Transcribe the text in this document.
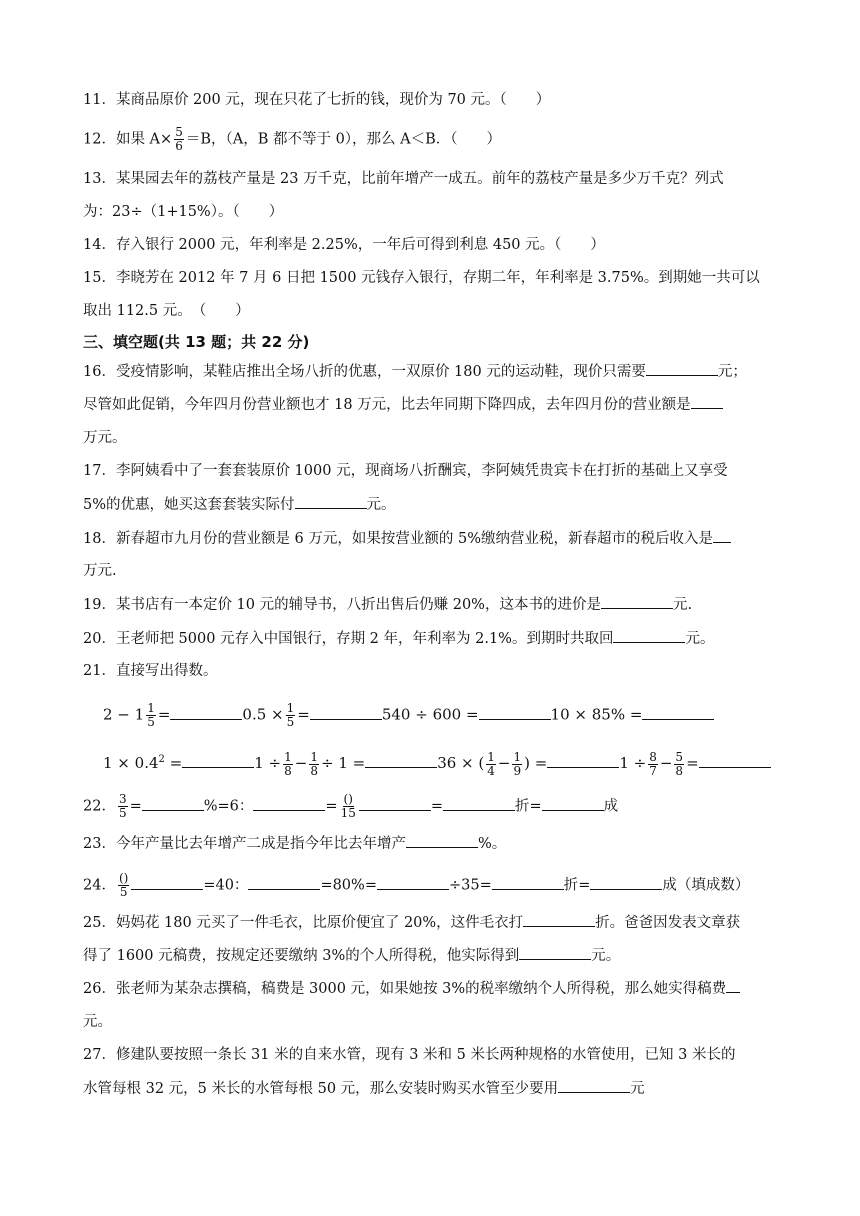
11．某商品原价 200 元，现在只花了七折的钱，现价为 70 元。（　　）
12．如果 $A\times \frac{5}{6} =B$，（A，B 都不等于 0），那么 A＜B．（　　）
13．某果园去年的荔枝产量是 23 万千克，比前年增产一成五。前年的荔枝产量是多少万千克？列式
为：23÷（1+15%）。（　　）
14．存入银行 2000 元，年利率是 2.25%，一年后可得到利息 450 元。（　　）
15．李晓芳在 2012 年 7 月 6 日把 1500 元钱存入银行，存期二年，年利率是 3.75%。到期她一共可以
取出 112.5 元。　（　　）
三、填空题(共 13 题；共 22 分)
16．受疫情影响，某鞋店推出全场八折的优惠，一双原价 180 元的运动鞋，现价只需要	元；
尽管如此促销，今年四月份营业额也才 18 万元，比去年同期下降四成，去年四月份的营业额是
万元。
17．李阿姨看中了一套套装原价 1000 元，现商场八折酬宾，李阿姨凭贵宾卡在打折的基础上又享受
5%的优惠，她买这套套装实际付	元。
18．新春超市九月份的营业额是 6 万元，如果按营业额的 5%缴纳营业税，新春超市的税后收入是
万元.
19．某书店有一本定价 10 元的辅导书，八折出售后仍赚 20%，这本书的进价是	元.
20．王老师把 5000 元存入中国银行，存期 2 年，年利率为 2.1%。到期时共取回	元。
21．直接写出得数。
$2 - 1 \frac{1}{5}$ =	$0.5 \times \frac{1}{5}$ =	540 ÷ 600 =	10 × 85% =
$1 \times 0.4^2$ =	$1 \div \frac{1}{8} - \frac{1}{8} \div 1$ =	36 × ( $\frac{1}{4} - \frac{1}{9}$ ) =	$1 \div \frac{8}{7} - \frac{5}{8}$ =
22． $\frac{3}{5}$ =	%=6：	= $\frac{()}{15}$	=	折=	成
23．今年产量比去年增产二成是指今年比去年增产	%。
24． $\frac{()}{5}$	=40：	=80%=	÷35=	折=	成（填成数）
25．妈妈花 180 元买了一件毛衣，比原价便宜了 20%，这件毛衣打	折。爸爸因发表文章获
得了 1600 元稿费，按规定还要缴纳 3%的个人所得税，他实际得到	元。
26．张老师为某杂志撰稿，稿费是 3000 元，如果她按 3%的税率缴纳个人所得税，那么她实得稿费
元。
27．修建队要按照一条长 31 米的自来水管，现有 3 米和 5 米长两种规格的水管使用，已知 3 米长的
水管每根 32 元，5 米长的水管每根 50 元，那么安装时购买水管至少要用	元
